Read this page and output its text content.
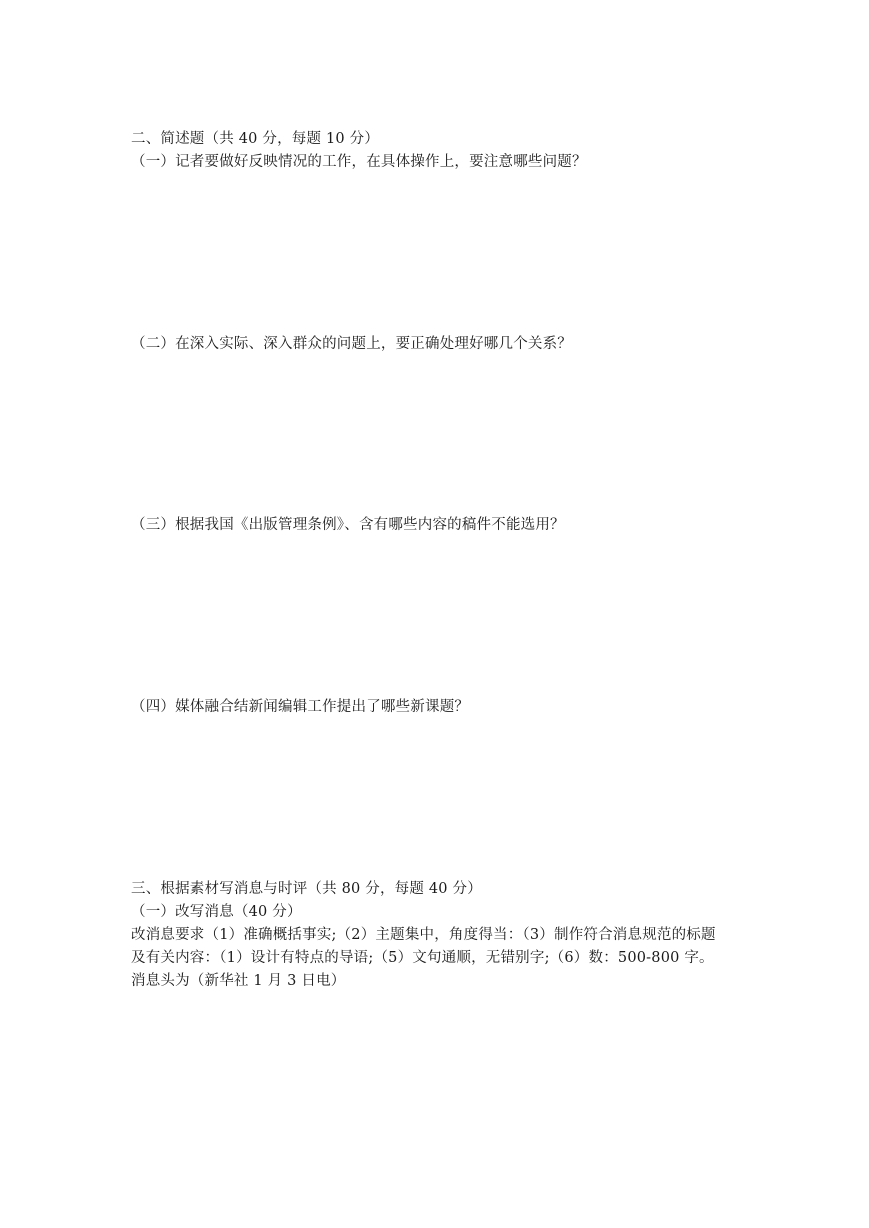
二、简述题（共 40 分，每题 10 分）
（一）记者要做好反映情况的工作，在具体操作上，要注意哪些问题？
（二）在深入实际、深入群众的问题上，要正确处理好哪几个关系？
（三）根据我国《出版管理条例》、含有哪些内容的稿件不能选用？
（四）媒体融合结新闻编辑工作提出了哪些新课题？
三、根据素材写消息与时评（共 80 分，每题 40 分）
（一）改写消息（40 分）
改消息要求（1）准确概括事实;（2）主题集中，角度得当：（3）制作符合消息规范的标题
及有关内容：（1）设计有特点的导语;（5）文句通顺，无错别字;（6）数：500-800 字。
消息头为（新华社 1 月 3 日电）
